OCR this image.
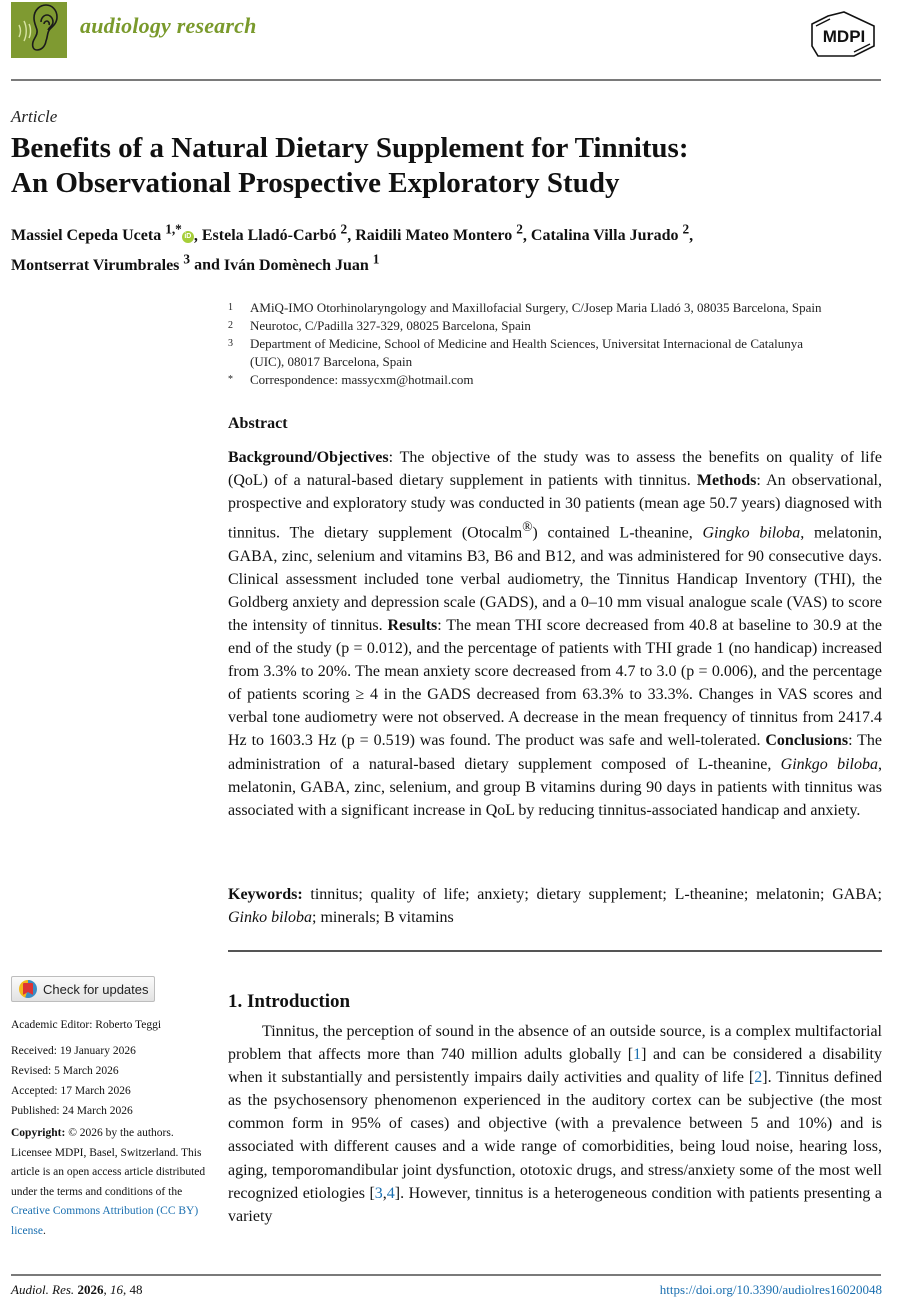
audiology research	MDPI
Article
Benefits of a Natural Dietary Supplement for Tinnitus:
An Observational Prospective Exploratory Study
Massiel Cepeda Uceta $^{1,*}$ iD , Estela Lladó-Carbó $^2$, Raidili Mateo Montero $^2$, Catalina Villa Jurado $^2$,
Montserrat Virumbrales $^3$ and Iván Domènech Juan $^1$
1	AMiQ-IMO Otorhinolaryngology and Maxillofacial Surgery, C/Josep Maria Lladó 3, 08035 Barcelona, Spain
2	Neurotoc, C/Padilla 327-329, 08025 Barcelona, Spain
3	Department of Medicine, School of Medicine and Health Sciences, Universitat Internacional de Catalunya (UIC), 08017 Barcelona, Spain
*	Correspondence: massycxm@hotmail.com
Abstract
Background/Objectives: The objective of the study was to assess the benefits on quality of life (QoL) of a natural-based dietary supplement in patients with tinnitus. Methods: An observational, prospective and exploratory study was conducted in 30 patients (mean age 50.7 years) diagnosed with tinnitus. The dietary supplement (Otocalm®) contained L-theanine, Gingko biloba, melatonin, GABA, zinc, selenium and vitamins B3, B6 and B12, and was administered for 90 consecutive days. Clinical assessment included tone verbal audiometry, the Tinnitus Handicap Inventory (THI), the Goldberg anxiety and depression scale (GADS), and a 0–10 mm visual analogue scale (VAS) to score the intensity of tinnitus. Results: The mean THI score decreased from 40.8 at baseline to 30.9 at the end of the study (p = 0.012), and the percentage of patients with THI grade 1 (no handicap) increased from 3.3% to 20%. The mean anxiety score decreased from 4.7 to 3.0 (p = 0.006), and the percentage of patients scoring ≥ 4 in the GADS decreased from 63.3% to 33.3%. Changes in VAS scores and verbal tone audiometry were not observed. A decrease in the mean frequency of tinnitus from 2417.4 Hz to 1603.3 Hz (p = 0.519) was found. The product was safe and well-tolerated. Conclusions: The administration of a natural-based dietary supplement composed of L-theanine, Ginkgo biloba, melatonin, GABA, zinc, selenium, and group B vitamins during 90 days in patients with tinnitus was associated with a significant increase in QoL by reducing tinnitus-associated handicap and anxiety.
Keywords: tinnitus; quality of life; anxiety; dietary supplement; L-theanine; melatonin; GABA; Ginko biloba; minerals; B vitamins
Check for updates
Academic Editor: Roberto Teggi
Received: 19 January 2026
Revised: 5 March 2026
Accepted: 17 March 2026
Published: 24 March 2026
Copyright: © 2026 by the authors. Licensee MDPI, Basel, Switzerland. This article is an open access article distributed under the terms and conditions of the Creative Commons Attribution (CC BY) license.
1. Introduction
Tinnitus, the perception of sound in the absence of an outside source, is a complex multifactorial problem that affects more than 740 million adults globally [1] and can be considered a disability when it substantially and persistently impairs daily activities and quality of life [2]. Tinnitus defined as the psychosensory phenomenon experienced in the auditory cortex can be subjective (the most common form in 95% of cases) and objective (with a prevalence between 5 and 10%) and is associated with different causes and a wide range of comorbidities, being loud noise, hearing loss, aging, temporomandibular joint dysfunction, ototoxic drugs, and stress/anxiety some of the most well recognized etiologies [3,4]. However, tinnitus is a heterogeneous condition with patients presenting a variety
Audiol. Res. 2026, 16, 48	https://doi.org/10.3390/audiolres16020048
